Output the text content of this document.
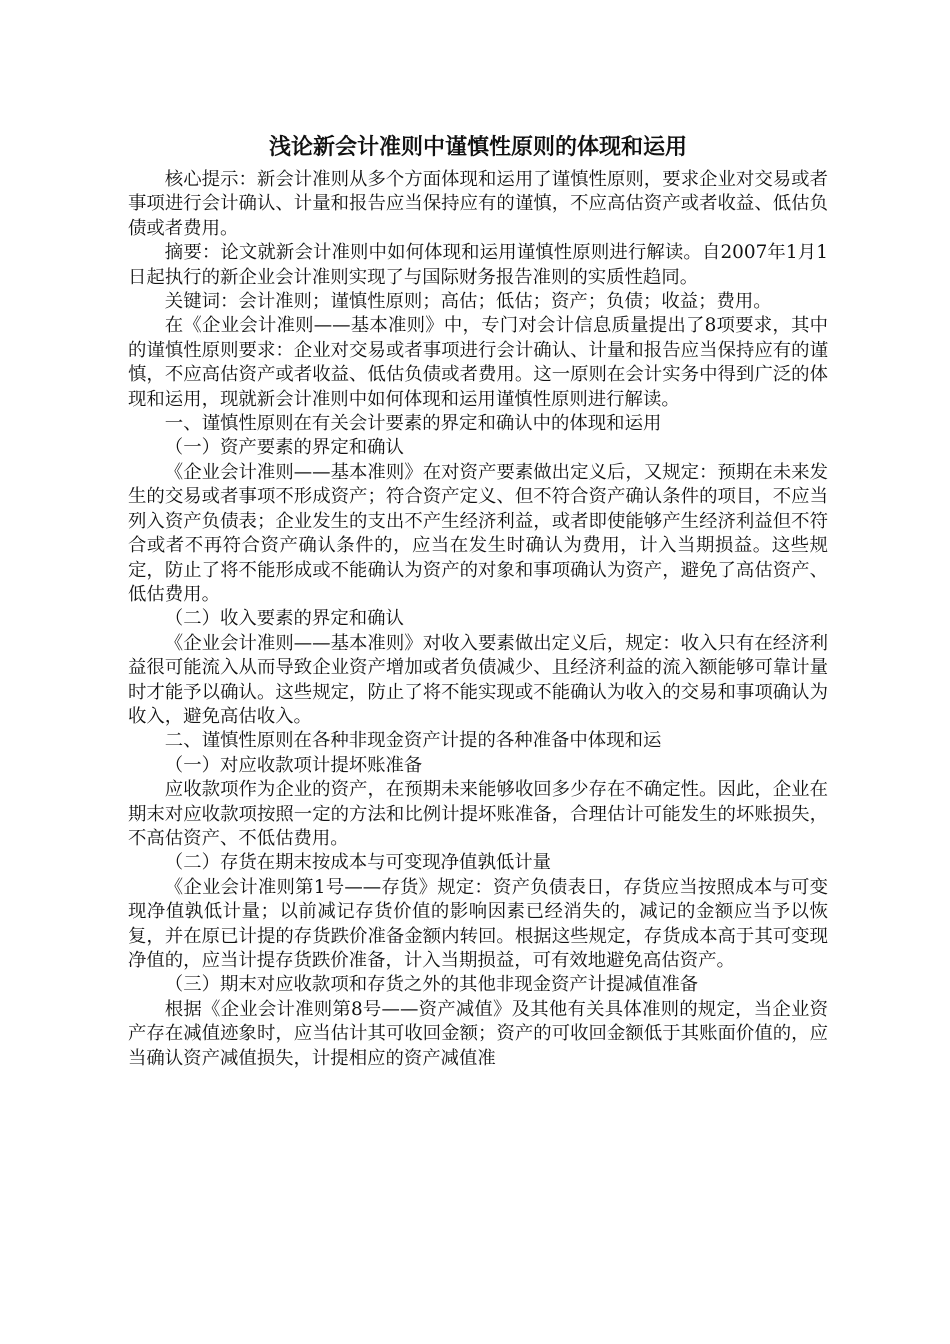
浅论新会计准则中谨慎性原则的体现和运用
核心提示：新会计准则从多个方面体现和运用了谨慎性原则，要求企业对交易或者事项进行会计确认、计量和报告应当保持应有的谨慎，不应高估资产或者收益、低估负债或者费用。
摘要：论文就新会计准则中如何体现和运用谨慎性原则进行解读。自2007年1月1日起执行的新企业会计准则实现了与国际财务报告准则的实质性趋同。
关键词：会计准则；谨慎性原则；高估；低估；资产；负债；收益；费用。
在《企业会计准则——基本准则》中，专门对会计信息质量提出了8项要求，其中的谨慎性原则要求：企业对交易或者事项进行会计确认、计量和报告应当保持应有的谨慎，不应高估资产或者收益、低估负债或者费用。这一原则在会计实务中得到广泛的体现和运用，现就新会计准则中如何体现和运用谨慎性原则进行解读。
一、谨慎性原则在有关会计要素的界定和确认中的体现和运用
（一）资产要素的界定和确认
《企业会计准则——基本准则》在对资产要素做出定义后，又规定：预期在未来发生的交易或者事项不形成资产；符合资产定义、但不符合资产确认条件的项目，不应当列入资产负债表；企业发生的支出不产生经济利益，或者即使能够产生经济利益但不符合或者不再符合资产确认条件的，应当在发生时确认为费用，计入当期损益。这些规定，防止了将不能形成或不能确认为资产的对象和事项确认为资产，避免了高估资产、低估费用。
（二）收入要素的界定和确认
《企业会计准则——基本准则》对收入要素做出定义后，规定：收入只有在经济利益很可能流入从而导致企业资产增加或者负债减少、且经济利益的流入额能够可靠计量时才能予以确认。这些规定，防止了将不能实现或不能确认为收入的交易和事项确认为收入，避免高估收入。
二、谨慎性原则在各种非现金资产计提的各种准备中体现和运
（一）对应收款项计提坏账准备
应收款项作为企业的资产，在预期未来能够收回多少存在不确定性。因此，企业在期末对应收款项按照一定的方法和比例计提坏账准备，合理估计可能发生的坏账损失，不高估资产、不低估费用。
（二）存货在期末按成本与可变现净值孰低计量
《企业会计准则第1号——存货》规定：资产负债表日，存货应当按照成本与可变现净值孰低计量；以前减记存货价值的影响因素已经消失的，减记的金额应当予以恢复，并在原已计提的存货跌价准备金额内转回。根据这些规定，存货成本高于其可变现净值的，应当计提存货跌价准备，计入当期损益，可有效地避免高估资产。
（三）期末对应收款项和存货之外的其他非现金资产计提减值准备
根据《企业会计准则第8号——资产减值》及其他有关具体准则的规定，当企业资产存在减值迹象时，应当估计其可收回金额；资产的可收回金额低于其账面价值的，应当确认资产减值损失，计提相应的资产减值准
